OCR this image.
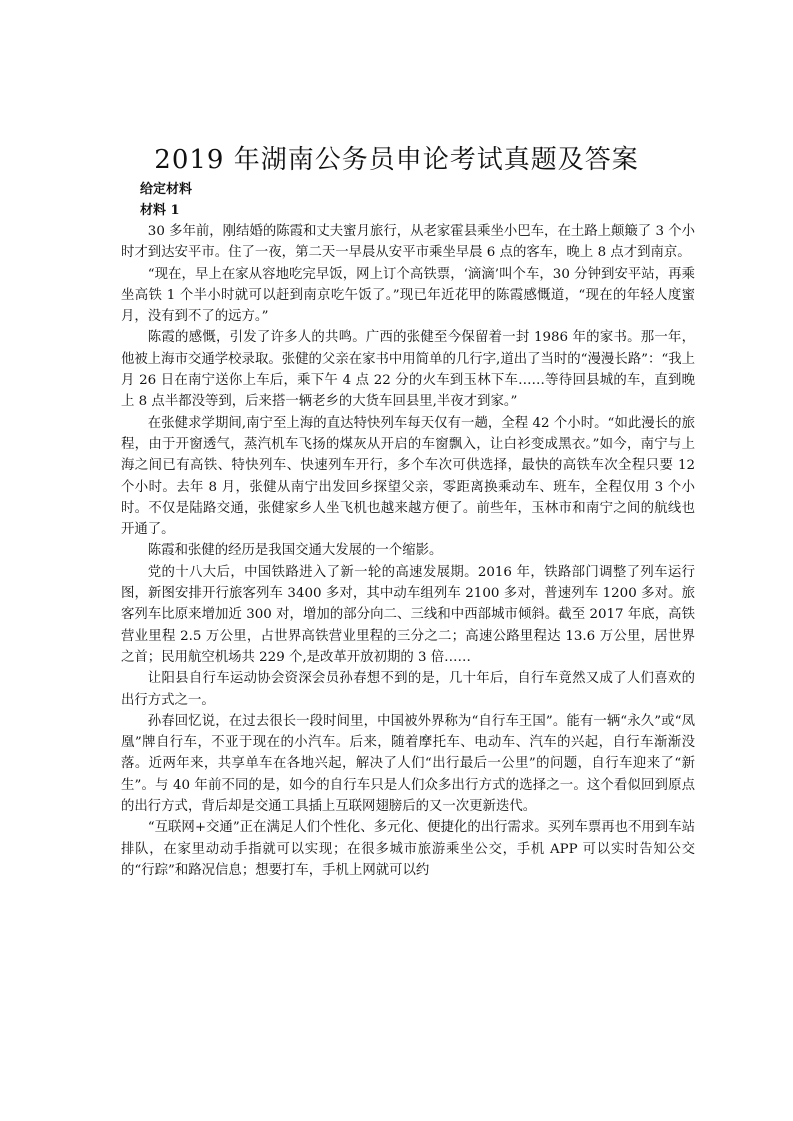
2019 年湖南公务员申论考试真题及答案
给定材料
材料 1

30 多年前，刚结婚的陈霞和丈夫蜜月旅行，从老家霍县乘坐小巴车，在土路上颠簸了 3 个小时才到达安平市。住了一夜，第二天一早晨从安平市乘坐早晨 6 点的客车，晚上 8 点才到南京。

“现在，早上在家从容地吃完早饭，网上订个高铁票，‘滴滴’叫个车，30 分钟到安平站，再乘坐高铁 1 个半小时就可以赶到南京吃午饭了。”现已年近花甲的陈霞感慨道，“现在的年轻人度蜜月，没有到不了的远方。”

陈霞的感慨，引发了许多人的共鸣。广西的张健至今保留着一封 1986 年的家书。那一年，他被上海市交通学校录取。张健的父亲在家书中用简单的几行字,道出了当时的“漫漫长路”：“我上月 26 日在南宁送你上车后，乘下午 4 点 22 分的火车到玉林下车……等待回县城的车，直到晚上 8 点半都没等到，后来搭一辆老乡的大货车回县里,半夜才到家。”

在张健求学期间,南宁至上海的直达特快列车每天仅有一趟，全程 42 个小时。“如此漫长的旅程，由于开窗透气，蒸汽机车飞扬的煤灰从开启的车窗飘入，让白衫变成黑衣。”如今，南宁与上海之间已有高铁、特快列车、快速列车开行，多个车次可供选择，最快的高铁车次全程只要 12 个小时。去年 8 月，张健从南宁出发回乡探望父亲，零距离换乘动车、班车，全程仅用 3 个小时。不仅是陆路交通，张健家乡人坐飞机也越来越方便了。前些年，玉林市和南宁之间的航线也开通了。

陈霞和张健的经历是我国交通大发展的一个缩影。

党的十八大后，中国铁路进入了新一轮的高速发展期。2016 年，铁路部门调整了列车运行图，新图安排开行旅客列车 3400 多对，其中动车组列车 2100 多对，普速列车 1200 多对。旅客列车比原来增加近 300 对，增加的部分向二、三线和中西部城市倾斜。截至 2017 年底，高铁营业里程 2.5 万公里，占世界高铁营业里程的三分之二；高速公路里程达 13.6 万公里，居世界之首；民用航空机场共 229 个,是改革开放初期的 3 倍……

让阳县自行车运动协会资深会员孙春想不到的是，几十年后，自行车竟然又成了人们喜欢的出行方式之一。

孙春回忆说，在过去很长一段时间里，中国被外界称为“自行车王国”。能有一辆“永久”或“凤凰”牌自行车，不亚于现在的小汽车。后来，随着摩托车、电动车、汽车的兴起，自行车渐渐没落。近两年来，共享单车在各地兴起，解决了人们“出行最后一公里”的问题，自行车迎来了“新生”。与 40 年前不同的是，如今的自行车只是人们众多出行方式的选择之一。这个看似回到原点的出行方式，背后却是交通工具插上互联网翅膀后的又一次更新迭代。

“互联网+交通”正在满足人们个性化、多元化、便捷化的出行需求。买列车票再也不用到车站排队，在家里动动手指就可以实现；在很多城市旅游乘坐公交，手机 APP 可以实时告知公交的“行踪”和路况信息；想要打车，手机上网就可以约
